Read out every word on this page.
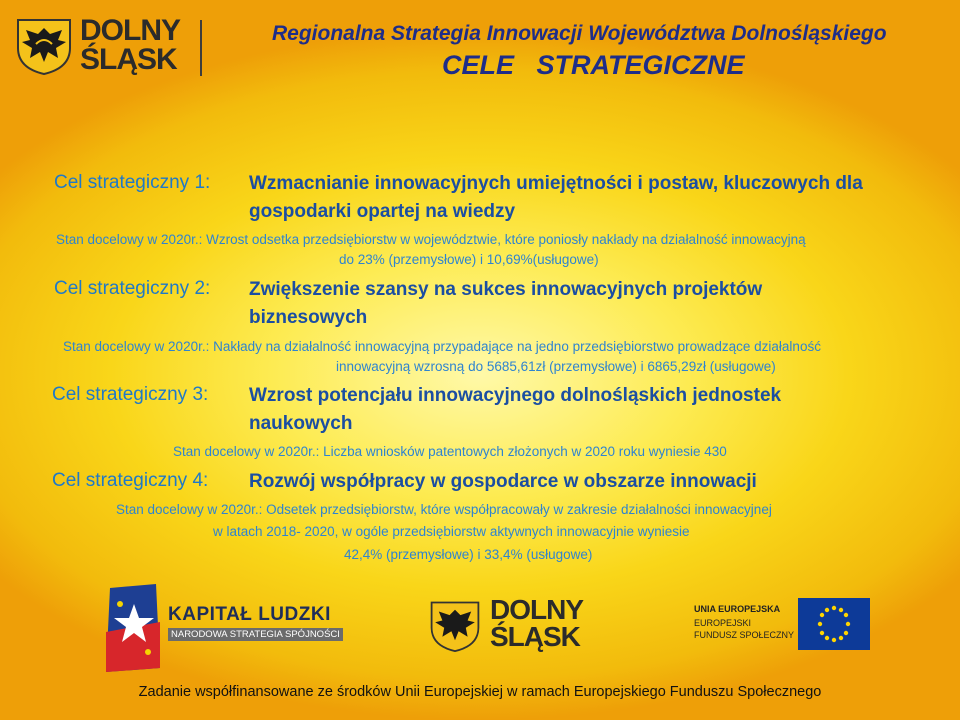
DOLNY
ŚLĄSK
Regionalna Strategia Innowacji Województwa Dolnośląskiego
CELE   STRATEGICZNE
Cel strategiczny 1: Wzmacnianie innowacyjnych umiejętności i postaw, kluczowych dla gospodarki opartej na wiedzy
Stan docelowy w 2020r.: Wzrost odsetka przedsiębiorstw w województwie, które poniosły nakłady na działalność innowacyjną
do 23% (przemysłowe) i 10,69%(usługowe)
Cel strategiczny 2: Zwiększenie szansy na sukces innowacyjnych projektów biznesowych
Stan docelowy w 2020r.: Nakłady na działalność innowacyjną przypadające na jedno przedsiębiorstwo prowadzące działalność
innowacyjną wzrosną do 5685,61zł (przemysłowe) i 6865,29zł (usługowe)
Cel strategiczny 3: Wzrost potencjału innowacyjnego dolnośląskich jednostek naukowych
Stan docelowy w 2020r.: Liczba wniosków patentowych złożonych w 2020 roku wyniesie 430
Cel strategiczny 4: Rozwój współpracy w gospodarce w obszarze innowacji
Stan docelowy w 2020r.: Odsetek przedsiębiorstw, które współpracowały w zakresie działalności innowacyjnej
w latach 2018- 2020, w ogóle przedsiębiorstw aktywnych innowacyjnie wyniesie
42,4% (przemysłowe) i 33,4% (usługowe)
KAPITAŁ LUDZKI
NARODOWA STRATEGIA SPÓJNOŚCI
DOLNY
ŚLĄSK
UNIA EUROPEJSKA
EUROPEJSKI
FUNDUSZ SPOŁECZNY
Zadanie współfinansowane ze środków Unii Europejskiej w ramach Europejskiego Funduszu Społecznego
